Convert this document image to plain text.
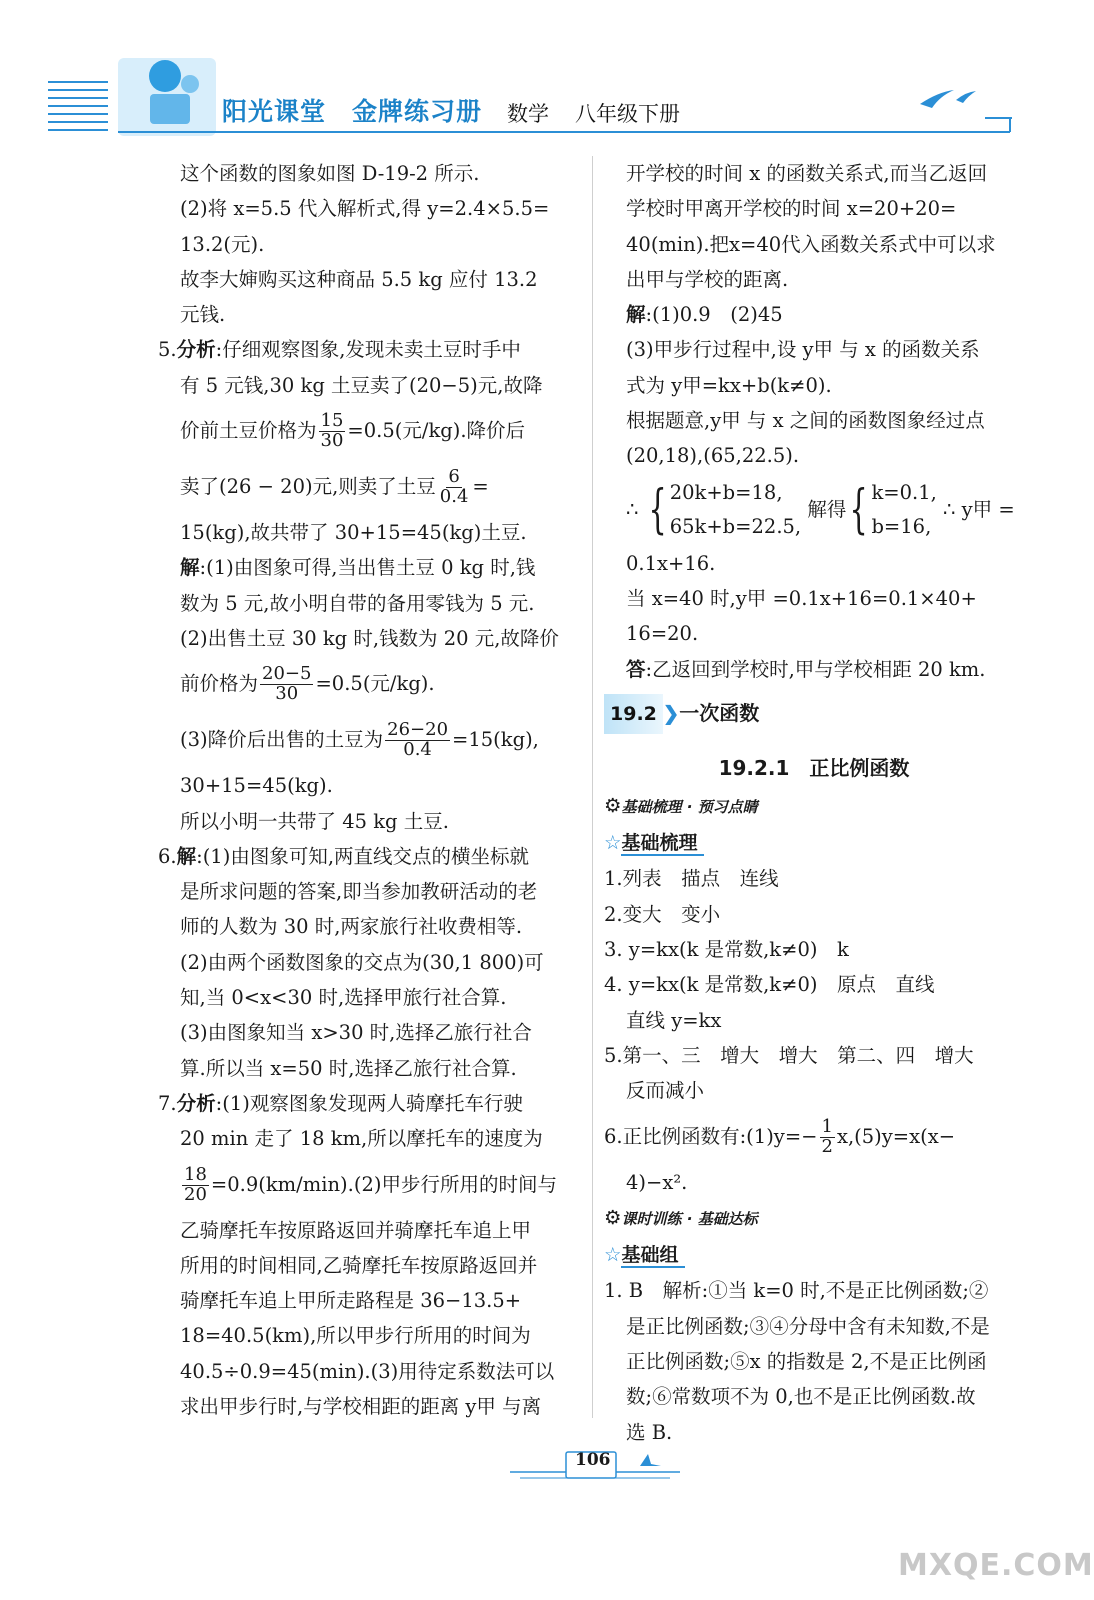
阳光课堂 金牌练习册	数学 八年级下册

这个函数的图象如图 D-19-2 所示.

(2)将 x=5.5 代入解析式,得 y=2.4×5.5=

13.2(元).

故李大婶购买这种商品 5.5 kg 应付 13.2

元钱.

5.分析:仔细观察图象,发现未卖土豆时手中

有 5 元钱,30 kg 土豆卖了(20−5)元,故降

价前土豆价格为 $\frac{15}{30} =0.5$(元/kg).降价后

卖了(26 − 20)元,则卖了土豆 $\frac{6}{0.4}$ =

15(kg),故共带了 30+15=45(kg)土豆.

解:(1)由图象可得,当出售土豆 0 kg 时,钱

数为 5 元,故小明自带的备用零钱为 5 元.

(2)出售土豆 30 kg 时,钱数为 20 元,故降价

前价格为 $\frac{20-5}{30} =0.5$(元/kg).

(3)降价后出售的土豆为 $\frac{26-20}{0.4} =15(kg)$,

30+15=45(kg).

所以小明一共带了 45 kg 土豆.

6.解:(1)由图象可知,两直线交点的横坐标就

是所求问题的答案,即当参加教研活动的老

师的人数为 30 时,两家旅行社收费相等.

(2)由两个函数图象的交点为(30,1 800)可

知,当 0<x<30 时,选择甲旅行社合算.

(3)由图象知当 x>30 时,选择乙旅行社合

算.所以当 x=50 时,选择乙旅行社合算.

7.分析:(1)观察图象发现两人骑摩托车行驶

20 min 走了 18 km,所以摩托车的速度为

$\frac{18}{20} =0.9(km/\min).(2)$甲步行所用的时间与

乙骑摩托车按原路返回并骑摩托车追上甲

所用的时间相同,乙骑摩托车按原路返回并

骑摩托车追上甲所走路程是 36−13.5+

18=40.5(km),所以甲步行所用的时间为

40.5÷0.9=45(min).(3)用待定系数法可以

求出甲步行时,与学校相距的距离 y甲 与离

开学校的时间 x 的函数关系式,而当乙返回

学校时甲离开学校的时间 x=20+20=

40(min).把x=40代入函数关系式中可以求

出甲与学校的距离.

解:(1)0.9　(2)45

(3)甲步行过程中,设 y甲 与 x 的函数关系

式为 y甲=kx+b(k≠0).

根据题意,y甲 与 x 之间的函数图象经过点

(20,18),(65,22.5).

∴ { 20k+b=18,
65k+b=22.5,
解得 { k=0.1,
b=16,
∴ y甲 =

0.1x+16.

当 x=40 时,y甲 =0.1x+16=0.1×40+

16=20.

答:乙返回到学校时,甲与学校相距 20 km.

19.2 ❯一次函数

19.2.1　正比例函数

⚙基础梳理 · 预习点睛

☆基础梳理

1.列表　描点　连线

2.变大　变小

3. y=kx(k 是常数,k≠0)　k

4. y=kx(k 是常数,k≠0)　原点　直线

直线 y=kx

5.第一、三　增大　增大　第二、四　增大

反而减小

6.正比例函数有:(1)y=− $\frac{1}{2} x,(5)y=x(x-$

4)−x².

⚙课时训练 · 基础达标

☆基础组

1. B　解析:①当 k=0 时,不是正比例函数;②

是正比例函数;③④分母中含有未知数,不是

正比例函数;⑤x 的指数是 2,不是正比例函

数;⑥常数项不为 0,也不是正比例函数.故

选 B.

106
MXQE.COM
